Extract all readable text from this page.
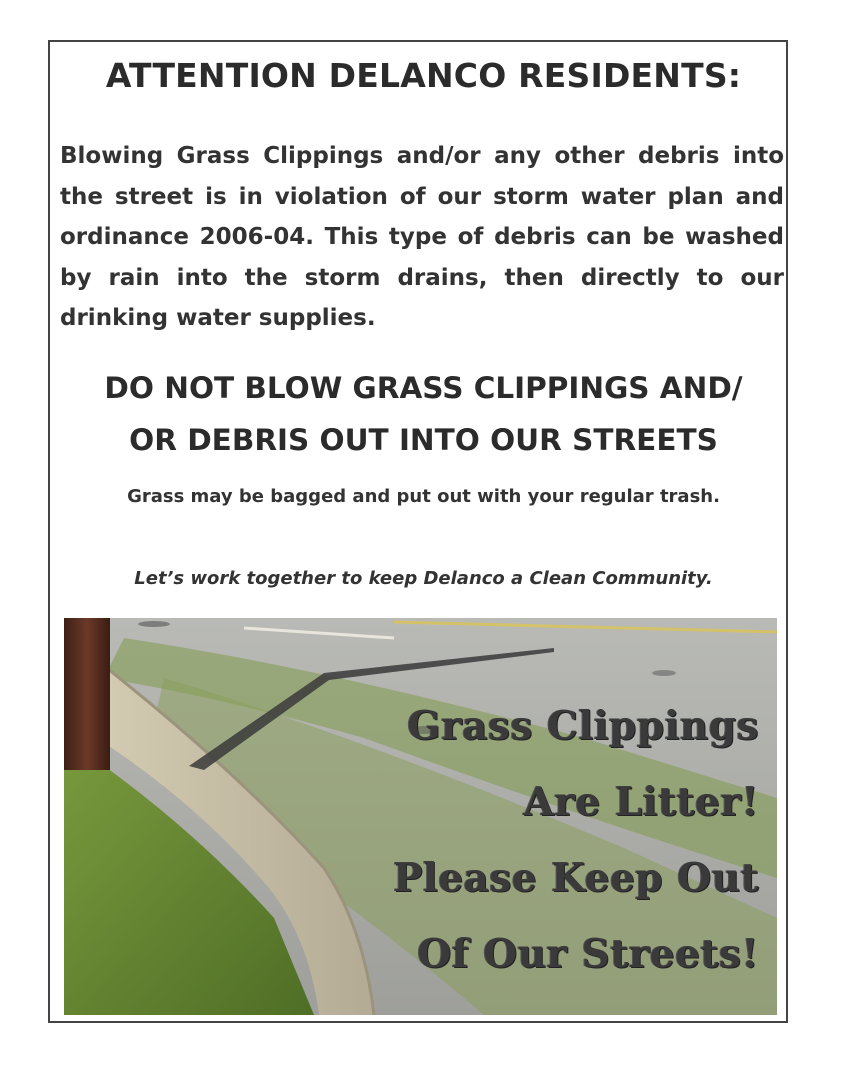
ATTENTION DELANCO RESIDENTS:

Blowing Grass Clippings and/or any other debris into the street is in violation of our storm water plan and ordinance 2006-04. This type of debris can be washed by rain into the storm drains, then directly to our drinking water supplies.

DO NOT BLOW GRASS CLIPPINGS AND/
OR DEBRIS OUT INTO OUR STREETS

Grass may be bagged and put out with your regular trash.

Let’s work together to keep Delanco a Clean Community.

Grass Clippings
Are Litter!
Please Keep Out
Of Our Streets!
